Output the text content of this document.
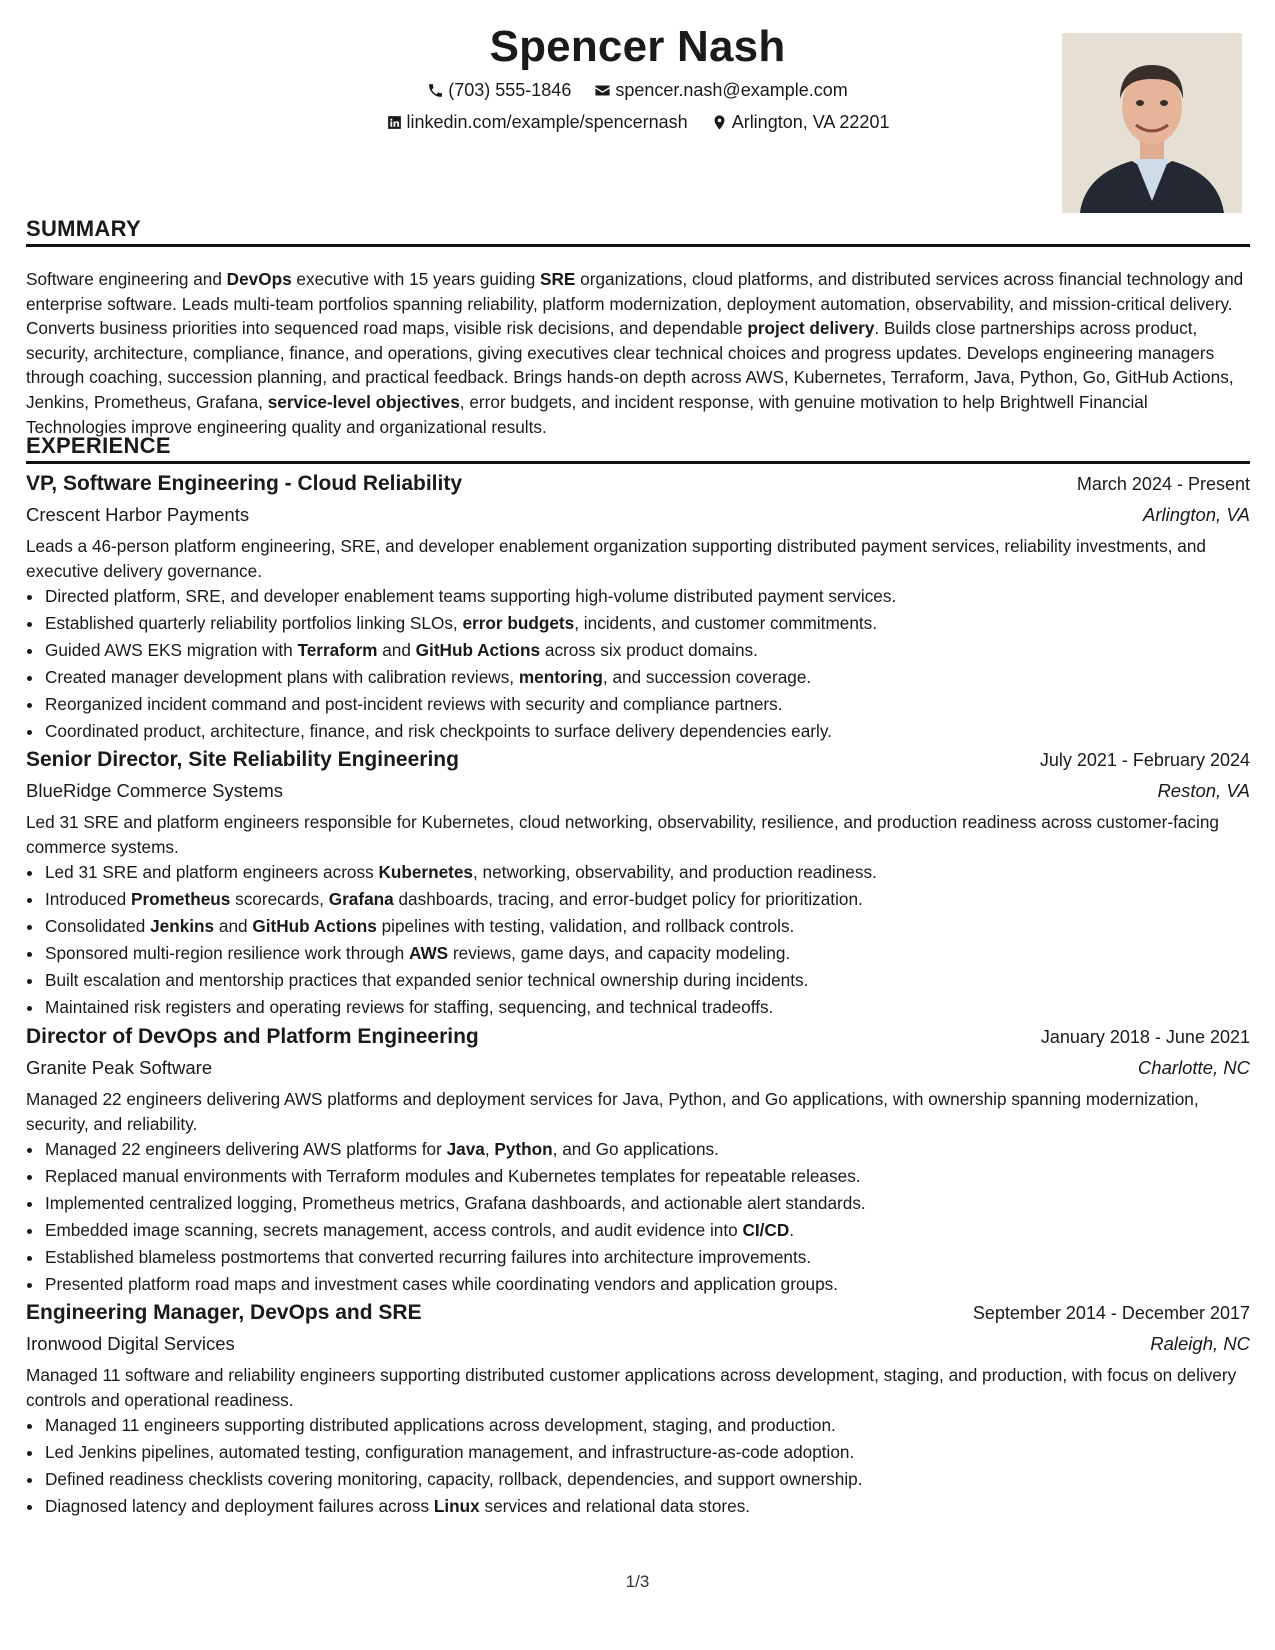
Spencer Nash
(703) 555-1846
spencer.nash@example.com
linkedin.com/example/spencernash
Arlington, VA 22201
SUMMARY
Software engineering and DevOps executive with 15 years guiding SRE organizations, cloud platforms, and distributed services across financial technology and enterprise software. Leads multi-team portfolios spanning reliability, platform modernization, deployment automation, observability, and mission-critical delivery. Converts business priorities into sequenced road maps, visible risk decisions, and dependable project delivery. Builds close partnerships across product, security, architecture, compliance, finance, and operations, giving executives clear technical choices and progress updates. Develops engineering managers through coaching, succession planning, and practical feedback. Brings hands-on depth across AWS, Kubernetes, Terraform, Java, Python, Go, GitHub Actions, Jenkins, Prometheus, Grafana, service-level objectives, error budgets, and incident response, with genuine motivation to help Brightwell Financial Technologies improve engineering quality and organizational results.
EXPERIENCE
VP, Software Engineering - Cloud Reliability	March 2024 - Present
Crescent Harbor Payments	Arlington, VA
Leads a 46-person platform engineering, SRE, and developer enablement organization supporting distributed payment services, reliability investments, and executive delivery governance.
• Directed platform, SRE, and developer enablement teams supporting high-volume distributed payment services.
• Established quarterly reliability portfolios linking SLOs, error budgets, incidents, and customer commitments.
• Guided AWS EKS migration with Terraform and GitHub Actions across six product domains.
• Created manager development plans with calibration reviews, mentoring, and succession coverage.
• Reorganized incident command and post-incident reviews with security and compliance partners.
• Coordinated product, architecture, finance, and risk checkpoints to surface delivery dependencies early.
Senior Director, Site Reliability Engineering	July 2021 - February 2024
BlueRidge Commerce Systems	Reston, VA
Led 31 SRE and platform engineers responsible for Kubernetes, cloud networking, observability, resilience, and production readiness across customer-facing commerce systems.
• Led 31 SRE and platform engineers across Kubernetes, networking, observability, and production readiness.
• Introduced Prometheus scorecards, Grafana dashboards, tracing, and error-budget policy for prioritization.
• Consolidated Jenkins and GitHub Actions pipelines with testing, validation, and rollback controls.
• Sponsored multi-region resilience work through AWS reviews, game days, and capacity modeling.
• Built escalation and mentorship practices that expanded senior technical ownership during incidents.
• Maintained risk registers and operating reviews for staffing, sequencing, and technical tradeoffs.
Director of DevOps and Platform Engineering	January 2018 - June 2021
Granite Peak Software	Charlotte, NC
Managed 22 engineers delivering AWS platforms and deployment services for Java, Python, and Go applications, with ownership spanning modernization, security, and reliability.
• Managed 22 engineers delivering AWS platforms for Java, Python, and Go applications.
• Replaced manual environments with Terraform modules and Kubernetes templates for repeatable releases.
• Implemented centralized logging, Prometheus metrics, Grafana dashboards, and actionable alert standards.
• Embedded image scanning, secrets management, access controls, and audit evidence into CI/CD.
• Established blameless postmortems that converted recurring failures into architecture improvements.
• Presented platform road maps and investment cases while coordinating vendors and application groups.
Engineering Manager, DevOps and SRE	September 2014 - December 2017
Ironwood Digital Services	Raleigh, NC
Managed 11 software and reliability engineers supporting distributed customer applications across development, staging, and production, with focus on delivery controls and operational readiness.
• Managed 11 engineers supporting distributed applications across development, staging, and production.
• Led Jenkins pipelines, automated testing, configuration management, and infrastructure-as-code adoption.
• Defined readiness checklists covering monitoring, capacity, rollback, dependencies, and support ownership.
• Diagnosed latency and deployment failures across Linux services and relational data stores.
1/3
